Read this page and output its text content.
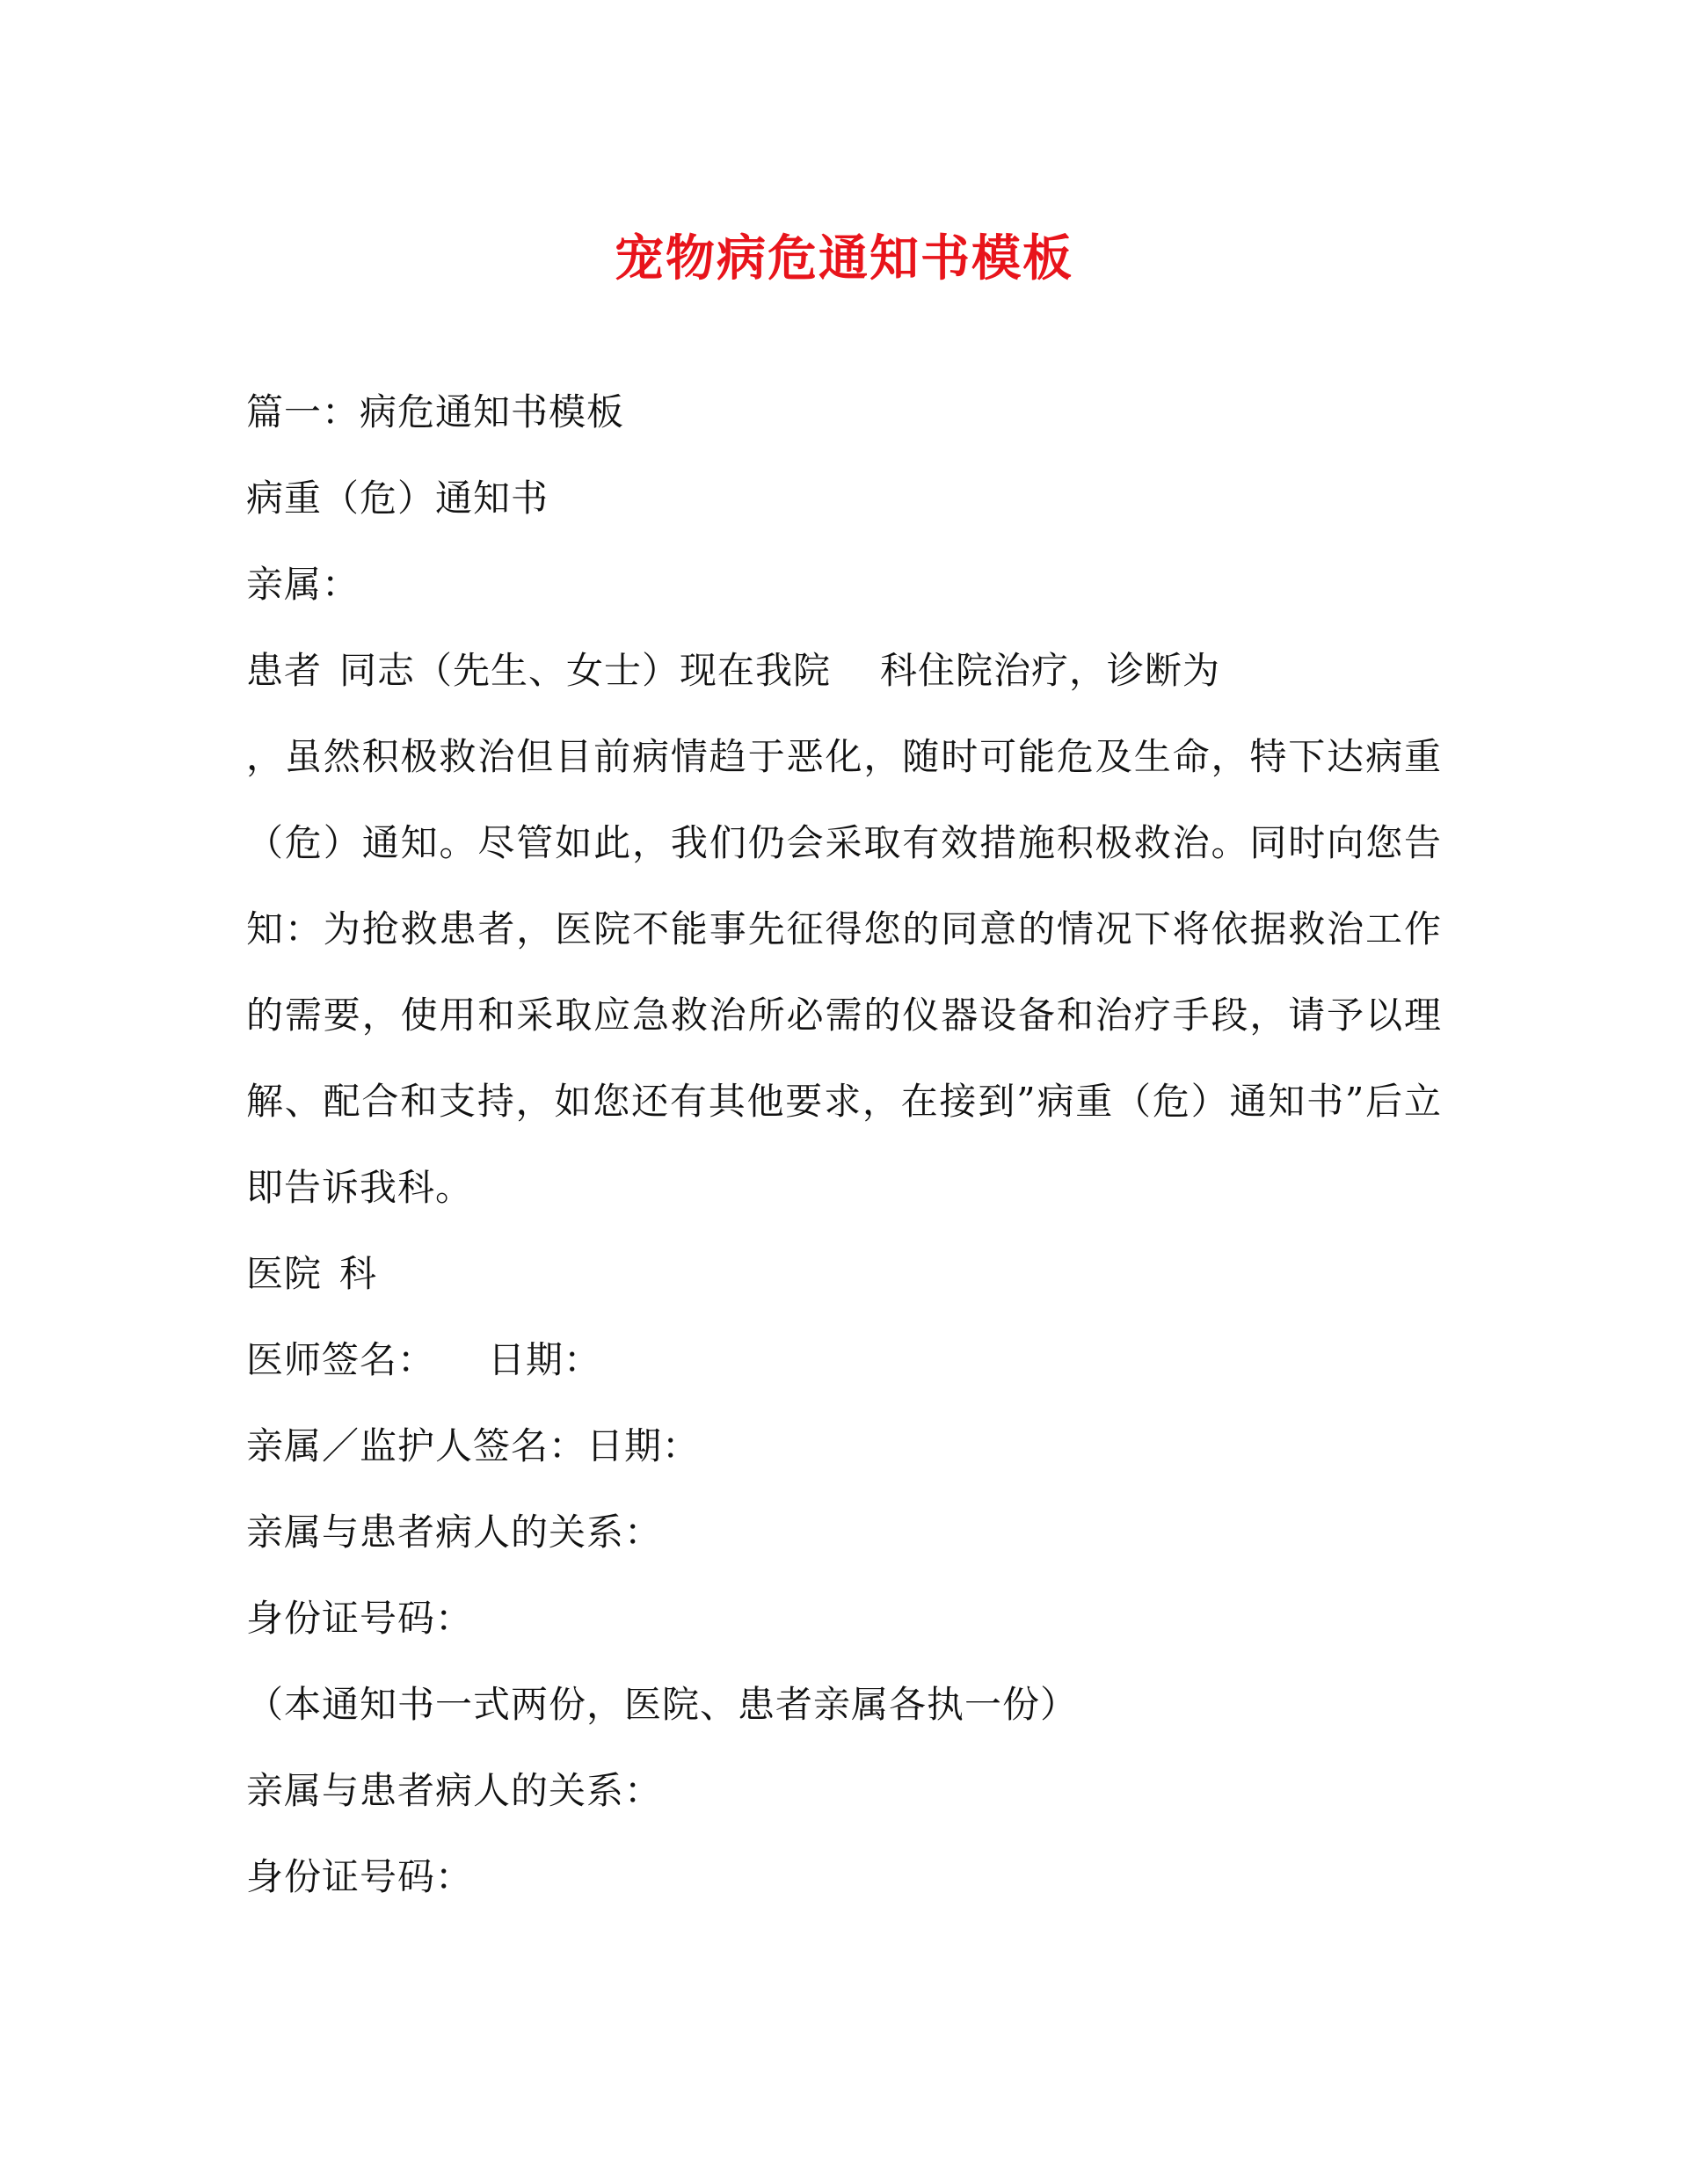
宠物病危通知书模板
篇一：病危通知书模板
病重（危）通知书
亲属：
患者 同志（先生、女士）现在我院 科住院治疗，诊断为
，虽然积极救治但目前病情趋于恶化，随时可能危及生命，特下达病重（危）通知。尽管如此，我们仍会采取有效措施积极救治。同时向您告知：为抢救患者，医院不能事先征得您的同意的情况下将依据救治工作的需要，使用和采取应急救治所必需的仪器设备和治疗手段，请予以理解、配合和支持，如您还有其他要求，在接到”病重（危）通知书”后立即告诉我科。
医院 科
医师签名： 日期：
亲属／监护人签名：日期：
亲属与患者病人的关系：
身份证号码：
（本通知书一式两份，医院、患者亲属各执一份）
亲属与患者病人的关系：
身份证号码：
